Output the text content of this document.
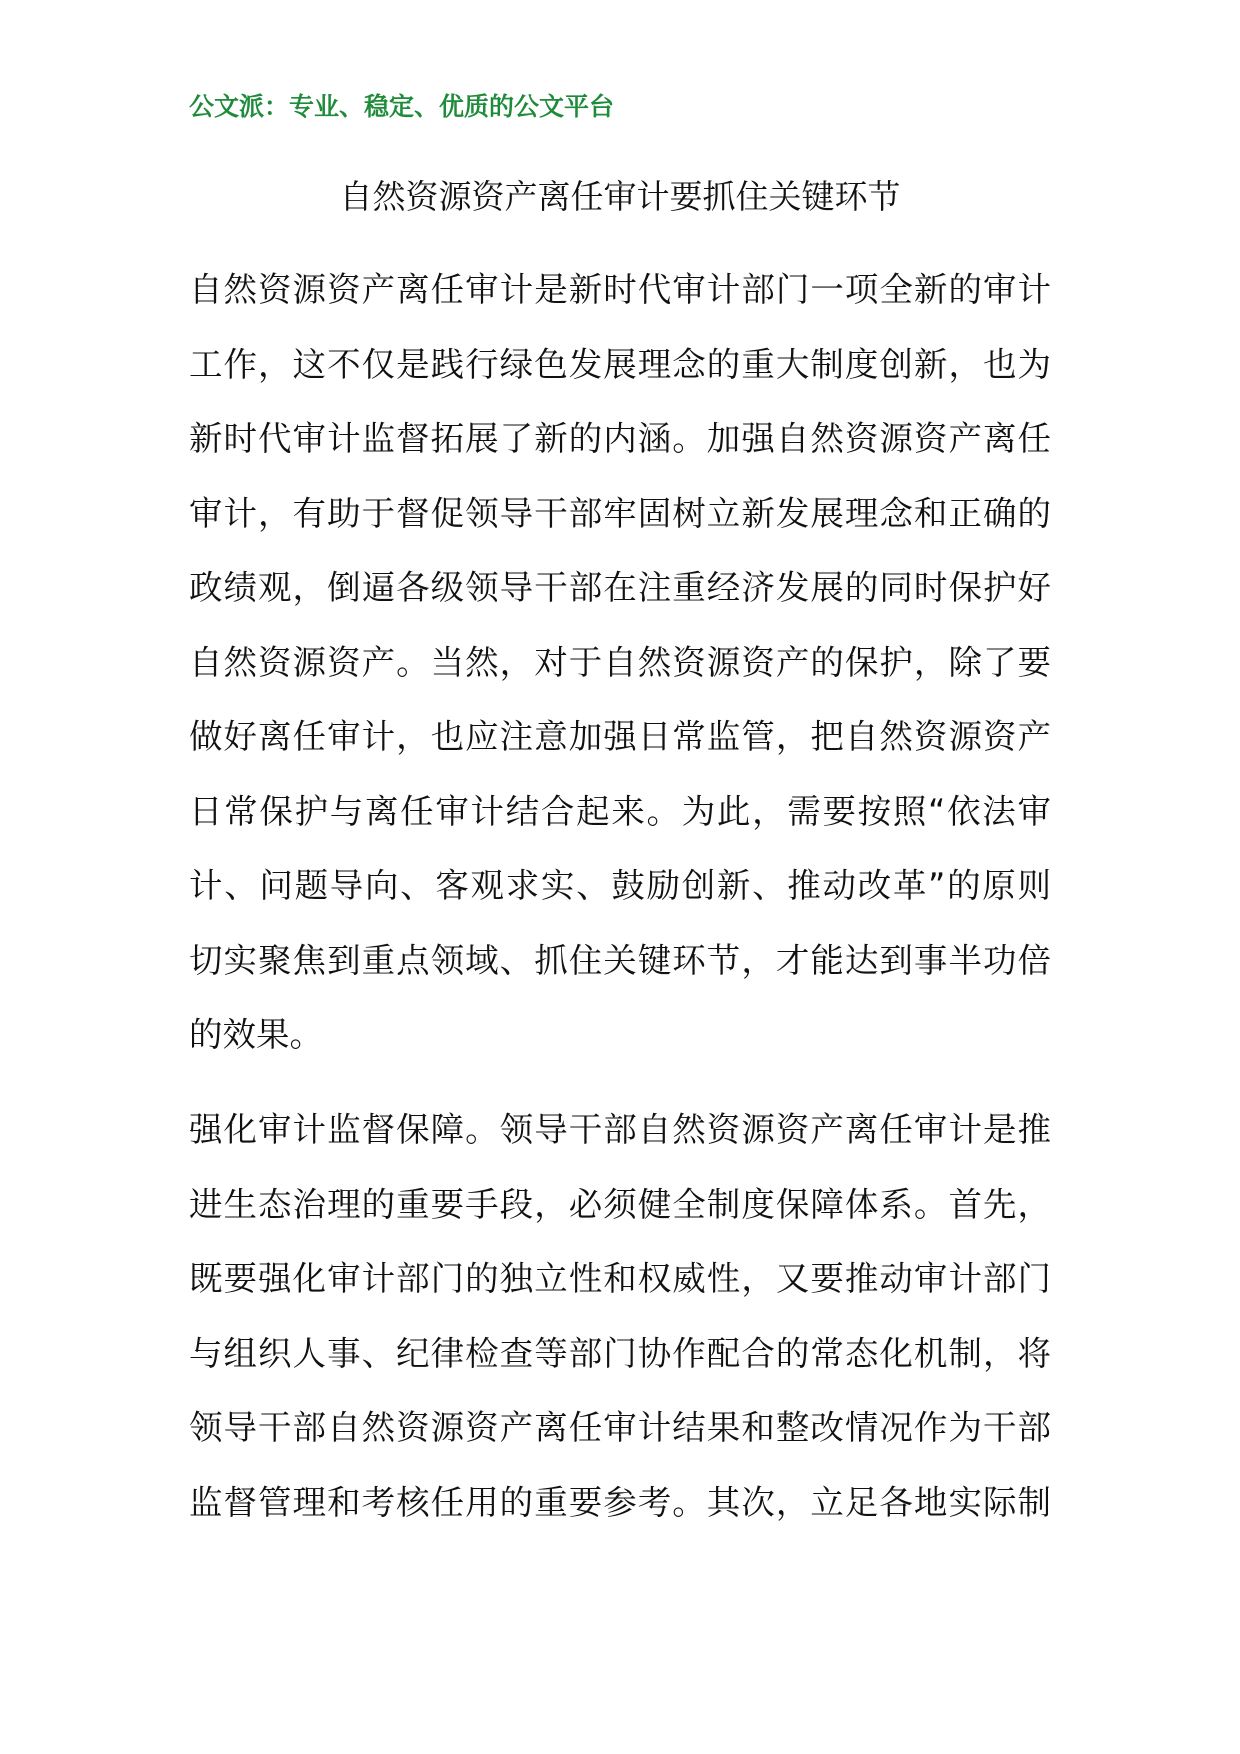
公文派：专业、稳定、优质的公文平台
自然资源资产离任审计要抓住关键环节

自然资源资产离任审计是新时代审计部门一项全新的审计
工作，这不仅是践行绿色发展理念的重大制度创新，也为
新时代审计监督拓展了新的内涵。加强自然资源资产离任
审计，有助于督促领导干部牢固树立新发展理念和正确的
政绩观，倒逼各级领导干部在注重经济发展的同时保护好
自然资源资产。当然，对于自然资源资产的保护，除了要
做好离任审计，也应注意加强日常监管，把自然资源资产
日常保护与离任审计结合起来。为此，需要按照“依法审
计、问题导向、客观求实、鼓励创新、推动改革”的原则
切实聚焦到重点领域、抓住关键环节，才能达到事半功倍
的效果。

强化审计监督保障。领导干部自然资源资产离任审计是推
进生态治理的重要手段，必须健全制度保障体系。首先，
既要强化审计部门的独立性和权威性，又要推动审计部门
与组织人事、纪律检查等部门协作配合的常态化机制，将
领导干部自然资源资产离任审计结果和整改情况作为干部
监督管理和考核任用的重要参考。其次，立足各地实际制
